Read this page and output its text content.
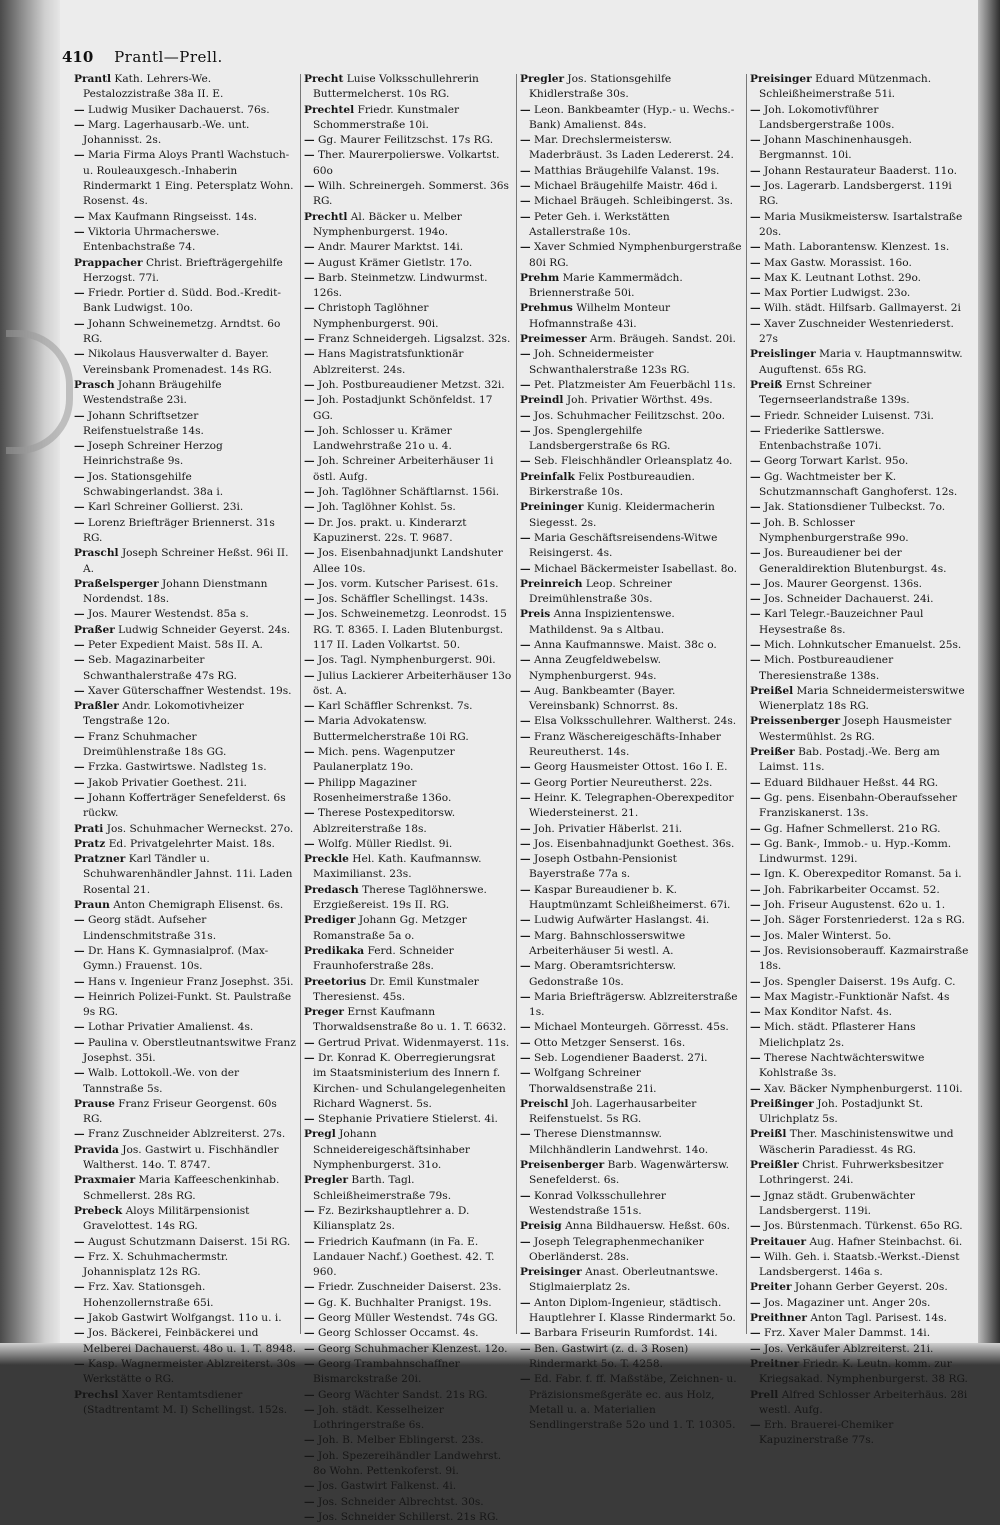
410 Prantl—Prell.

Prantl Kath. Lehrers-We. Pestalozzistraße 38a II. E.

— Ludwig Musiker Dachauerst. 76s.

— Marg. Lagerhausarb.-We. unt. Johannisst. 2s.

— Maria Firma Aloys Prantl Wachstuch- u. Rouleauxgesch.-Inhaberin Rindermarkt 1 Eing. Petersplatz Wohn. Rosenst. 4s.

— Max Kaufmann Ringseisst. 14s.

— Viktoria Uhrmacherswe. Entenbachstraße 74.

Prappacher Christ. Briefträgergehilfe Herzogst. 77i.

— Friedr. Portier d. Südd. Bod.-Kredit-Bank Ludwigst. 10o.

— Johann Schweinemetzg. Arndtst. 6o RG.

— Nikolaus Hausverwalter d. Bayer. Vereinsbank Promenadest. 14s RG.

Prasch Johann Bräugehilfe Westendstraße 23i.

— Johann Schriftsetzer Reifenstuelstraße 14s.

— Joseph Schreiner Herzog Heinrichstraße 9s.

— Jos. Stationsgehilfe Schwabingerlandst. 38a i.

— Karl Schreiner Gollierst. 23i.

— Lorenz Briefträger Briennerst. 31s RG.

Praschl Joseph Schreiner Heßst. 96i II. A.

Praßelsperger Johann Dienstmann Nordendst. 18s.

— Jos. Maurer Westendst. 85a s.

Praßer Ludwig Schneider Geyerst. 24s.

— Peter Expedient Maist. 58s II. A.

— Seb. Magazinarbeiter Schwanthalerstraße 47s RG.

— Xaver Güterschaffner Westendst. 19s.

Praßler Andr. Lokomotivheizer Tengstraße 12o.

— Franz Schuhmacher Dreimühlenstraße 18s GG.

— Frzka. Gastwirtswe. Nadlsteg 1s.

— Jakob Privatier Goethest. 21i.

— Johann Kofferträger Senefelderst. 6s rückw.

Prati Jos. Schuhmacher Werneckst. 27o.

Pratz Ed. Privatgelehrter Maist. 18s.

Pratzner Karl Tändler u. Schuhwarenhändler Jahnst. 11i. Laden Rosental 21.

Praun Anton Chemigraph Elisenst. 6s.

— Georg städt. Aufseher Lindenschmitstraße 31s.

— Dr. Hans K. Gymnasialprof. (Max-Gymn.) Frauenst. 10s.

— Hans v. Ingenieur Franz Josephst. 35i.

— Heinrich Polizei-Funkt. St. Paulstraße 9s RG.

— Lothar Privatier Amalienst. 4s.

— Paulina v. Oberstleutnantswitwe Franz Josephst. 35i.

— Walb. Lottokoll.-We. von der Tannstraße 5s.

Prause Franz Friseur Georgenst. 60s RG.

— Franz Zuschneider Ablzreiterst. 27s.

Pravida Jos. Gastwirt u. Fischhändler Waltherst. 14o. T. 8747.

Praxmaier Maria Kaffeeschenkinhab. Schmellerst. 28s RG.

Prebeck Aloys Militärpensionist Gravelottest. 14s RG.

— August Schutzmann Daiserst. 15i RG.

— Frz. X. Schuhmachermstr. Johannisplatz 12s RG.

— Frz. Xav. Stationsgeh. Hohenzollernstraße 65i.

— Jakob Gastwirt Wolfgangst. 11o u. i.

— Jos. Bäckerei, Feinbäckerei und Melberei Dachauerst. 48o u. 1. T. 8948.

— Kasp. Wagnermeister Ablzreiterst. 30s Werkstätte o RG.

Prechsl Xaver Rentamtsdiener (Stadtrentamt M. I) Schellingst. 152s.

Precht Luise Volksschullehrerin Buttermelcherst. 10s RG.

Prechtel Friedr. Kunstmaler Schommerstraße 10i.

— Gg. Maurer Feilitzschst. 17s RG.

— Ther. Maurerpolierswe. Volkartst. 60o

— Wilh. Schreinergeh. Sommerst. 36s RG.

Prechtl Al. Bäcker u. Melber Nymphenburgerst. 194o.

— Andr. Maurer Marktst. 14i.

— August Krämer Gietlstr. 17o.

— Barb. Steinmetzw. Lindwurmst. 126s.

— Christoph Taglöhner Nymphenburgerst. 90i.

— Franz Schneidergeh. Ligsalzst. 32s.

— Hans Magistratsfunktionär Ablzreiterst. 24s.

— Joh. Postbureaudiener Metzst. 32i.

— Joh. Postadjunkt Schönfeldst. 17 GG.

— Joh. Schlosser u. Krämer Landwehrstraße 21o u. 4.

— Joh. Schreiner Arbeiterhäuser 1i östl. Aufg.

— Joh. Taglöhner Schäftlarnst. 156i.

— Joh. Taglöhner Kohlst. 5s.

— Dr. Jos. prakt. u. Kinderarzt Kapuzinerst. 22s. T. 9687.

— Jos. Eisenbahnadjunkt Landshuter Allee 10s.

— Jos. vorm. Kutscher Parisest. 61s.

— Jos. Schäffler Schellingst. 143s.

— Jos. Schweinemetzg. Leonrodst. 15 RG. T. 8365. I. Laden Blutenburgst. 117 II. Laden Volkartst. 50.

— Jos. Tagl. Nymphenburgerst. 90i.

— Julius Lackierer Arbeiterhäuser 13o öst. A.

— Karl Schäffler Schrenkst. 7s.

— Maria Advokatensw. Buttermelcherstraße 10i RG.

— Mich. pens. Wagenputzer Paulanerplatz 19o.

— Philipp Magaziner Rosenheimerstraße 136o.

— Therese Postexpeditorsw. Ablzreiterstraße 18s.

— Wolfg. Müller Riedlst. 9i.

Preckle Hel. Kath. Kaufmannsw. Maximilianst. 23s.

Predasch Therese Taglöhnerswe. Erzgießereist. 19s II. RG.

Prediger Johann Gg. Metzger Romanstraße 5a o.

Predikaka Ferd. Schneider Fraunhoferstraße 28s.

Preetorius Dr. Emil Kunstmaler Theresienst. 45s.

Preger Ernst Kaufmann Thorwaldsenstraße 8o u. 1. T. 6632.

— Gertrud Privat. Widenmayerst. 11s.

— Dr. Konrad K. Oberregierungsrat im Staatsministerium des Innern f. Kirchen- und Schulangelegenheiten Richard Wagnerst. 5s.

— Stephanie Privatiere Stielerst. 4i.

Pregl Johann Schneidereigeschäftsinhaber Nymphenburgerst. 31o.

Pregler Barth. Tagl. Schleißheimerstraße 79s.

— Fz. Bezirkshauptlehrer a. D. Kiliansplatz 2s.

— Friedrich Kaufmann (in Fa. E. Landauer Nachf.) Goethest. 42. T. 960.

— Friedr. Zuschneider Daiserst. 23s.

— Gg. K. Buchhalter Pranigst. 19s.

— Georg Müller Westendst. 74s GG.

— Georg Schlosser Occamst. 4s.

— Georg Schuhmacher Klenzest. 12o.

— Georg Trambahnschaffner Bismarckstraße 20i.

— Georg Wächter Sandst. 21s RG.

— Joh. städt. Kesselheizer Lothringerstraße 6s.

— Joh. B. Melber Eblingerst. 23s.

— Joh. Spezereihändler Landwehrst. 8o Wohn. Pettenkoferst. 9i.

— Jos. Gastwirt Falkenst. 4i.

— Jos. Schneider Albrechtst. 30s.

— Jos. Schneider Schillerst. 21s RG.

Pregler Jos. Stationsgehilfe Khidlerstraße 30s.

— Leon. Bankbeamter (Hyp.- u. Wechs.-Bank) Amalienst. 84s.

— Mar. Drechslermeistersw. Maderbräust. 3s Laden Ledererst. 24.

— Matthias Bräugehilfe Valanst. 19s.

— Michael Bräugehilfe Maistr. 46d i.

— Michael Bräugeh. Schleibingerst. 3s.

— Peter Geh. i. Werkstätten Astallerstraße 10s.

— Xaver Schmied Nymphenburgerstraße 80i RG.

Prehm Marie Kammermädch. Briennerstraße 50i.

Prehmus Wilhelm Monteur Hofmannstraße 43i.

Preimesser Arm. Bräugeh. Sandst. 20i.

— Joh. Schneidermeister Schwanthalerstraße 123s RG.

— Pet. Platzmeister Am Feuerbächl 11s.

Preindl Joh. Privatier Wörthst. 49s.

— Jos. Schuhmacher Feilitzschst. 20o.

— Jos. Spenglergehilfe Landsbergerstraße 6s RG.

— Seb. Fleischhändler Orleansplatz 4o.

Preinfalk Felix Postbureaudien. Birkerstraße 10s.

Preininger Kunig. Kleidermacherin Siegesst. 2s.

— Maria Geschäftsreisendens-Witwe Reisingerst. 4s.

— Michael Bäckermeister Isabellast. 8o.

Preinreich Leop. Schreiner Dreimühlenstraße 30s.

Preis Anna Inspizientenswe. Mathildenst. 9a s Altbau.

— Anna Kaufmannswe. Maist. 38c o.

— Anna Zeugfeldwebelsw. Nymphenburgerst. 94s.

— Aug. Bankbeamter (Bayer. Vereinsbank) Schnorrst. 8s.

— Elsa Volksschullehrer. Waltherst. 24s.

— Franz Wäschereigeschäfts-Inhaber Reureutherst. 14s.

— Georg Hausmeister Ottost. 16o I. E.

— Georg Portier Neureutherst. 22s.

— Heinr. K. Telegraphen-Oberexpeditor Wiedersteinerst. 21.

— Joh. Privatier Häberlst. 21i.

— Jos. Eisenbahnadjunkt Goethest. 36s.

— Joseph Ostbahn-Pensionist Bayerstraße 77a s.

— Kaspar Bureaudiener b. K. Hauptmünzamt Schleißheimerst. 67i.

— Ludwig Aufwärter Haslangst. 4i.

— Marg. Bahnschlosserswitwe Arbeiterhäuser 5i westl. A.

— Marg. Oberamtsrichtersw. Gedonstraße 10s.

— Maria Briefträgersw. Ablzreiterstraße 1s.

— Michael Monteurgeh. Görresst. 45s.

— Otto Metzger Senserst. 16s.

— Seb. Logendiener Baaderst. 27i.

— Wolfgang Schreiner Thorwaldsenstraße 21i.

Preischl Joh. Lagerhausarbeiter Reifenstuelst. 5s RG.

— Therese Dienstmannsw. Milchhändlerin Landwehrst. 14o.

Preisenberger Barb. Wagenwärtersw. Senefelderst. 6s.

— Konrad Volksschullehrer Westendstraße 151s.

Preisig Anna Bildhauersw. Heßst. 60s.

— Joseph Telegraphenmechaniker Oberländerst. 28s.

Preisinger Anast. Oberleutnantswe. Stiglmaierplatz 2s.

— Anton Diplom-Ingenieur, städtisch. Hauptlehrer I. Klasse Rindermarkt 5o.

— Barbara Friseurin Rumfordst. 14i.

— Ben. Gastwirt (z. d. 3 Rosen) Rindermarkt 5o. T. 4258.

— Ed. Fabr. f. ff. Maßstäbe, Zeichnen- u. Präzisionsmeßgeräte ec. aus Holz, Metall u. a. Materialien Sendlingerstraße 52o und 1. T. 10305.

Preisinger Eduard Mützenmach. Schleißheimerstraße 51i.

— Joh. Lokomotivführer Landsbergerstraße 100s.

— Johann Maschinenhausgeh. Bergmannst. 10i.

— Johann Restaurateur Baaderst. 11o.

— Jos. Lagerarb. Landsbergerst. 119i RG.

— Maria Musikmeistersw. Isartalstraße 20s.

— Math. Laborantensw. Klenzest. 1s.

— Max Gastw. Morassist. 16o.

— Max K. Leutnant Lothst. 29o.

— Max Portier Ludwigst. 23o.

— Wilh. städt. Hilfsarb. Gallmayerst. 2i

— Xaver Zuschneider Westenriederst. 27s

Preislinger Maria v. Hauptmannswitw. Auguftenst. 65s RG.

Preiß Ernst Schreiner Tegernseerlandstraße 139s.

— Friedr. Schneider Luisenst. 73i.

— Friederike Sattlerswe. Entenbachstraße 107i.

— Georg Torwart Karlst. 95o.

— Gg. Wachtmeister ber K. Schutzmannschaft Ganghoferst. 12s.

— Jak. Stationsdiener Tulbeckst. 7o.

— Joh. B. Schlosser Nymphenburgerstraße 99o.

— Jos. Bureaudiener bei der Generaldirektion Blutenburgst. 4s.

— Jos. Maurer Georgenst. 136s.

— Jos. Schneider Dachauerst. 24i.

— Karl Telegr.-Bauzeichner Paul Heysestraße 8s.

— Mich. Lohnkutscher Emanuelst. 25s.

— Mich. Postbureaudiener Theresienstraße 138s.

Preißel Maria Schneidermeisterswitwe Wienerplatz 18s RG.

Preissenberger Joseph Hausmeister Westermühlst. 2s RG.

Preißer Bab. Postadj.-We. Berg am Laimst. 11s.

— Eduard Bildhauer Heßst. 44 RG.

— Gg. pens. Eisenbahn-Oberaufsseher Franziskanerst. 13s.

— Gg. Hafner Schmellerst. 21o RG.

— Gg. Bank-, Immob.- u. Hyp.-Komm. Lindwurmst. 129i.

— Ign. K. Oberexpeditor Romanst. 5a i.

— Joh. Fabrikarbeiter Occamst. 52.

— Joh. Friseur Augustenst. 62o u. 1.

— Joh. Säger Forstenriederst. 12a s RG.

— Jos. Maler Winterst. 5o.

— Jos. Revisionsoberauff. Kazmairstraße 18s.

— Jos. Spengler Daiserst. 19s Aufg. C.

— Max Magistr.-Funktionär Nafst. 4s

— Max Konditor Nafst. 4s.

— Mich. städt. Pflasterer Hans Mielichplatz 2s.

— Therese Nachtwächterswitwe Kohlstraße 3s.

— Xav. Bäcker Nymphenburgerst. 110i.

Preißinger Joh. Postadjunkt St. Ulrichplatz 5s.

Preißl Ther. Maschinistenswitwe und Wäscherin Paradiesst. 4s RG.

Preißler Christ. Fuhrwerksbesitzer Lothringerst. 24i.

— Jgnaz städt. Grubenwächter Landsbergerst. 119i.

— Jos. Bürstenmach. Türkenst. 65o RG.

Preitauer Aug. Hafner Steinbachst. 6i.

— Wilh. Geh. i. Staatsb.-Werkst.-Dienst Landsbergerst. 146a s.

Preiter Johann Gerber Geyerst. 20s.

— Jos. Magaziner unt. Anger 20s.

Preithner Anton Tagl. Parisest. 14s.

— Frz. Xaver Maler Dammst. 14i.

— Jos. Verkäufer Ablzreiterst. 21i.

Preitner Friedr. K. Leutn. komm. zur Kriegsakad. Nymphenburgerst. 38 RG.

Prell Alfred Schlosser Arbeiterhäus. 28i westl. Aufg.

— Erh. Brauerei-Chemiker Kapuzinerstraße 77s.
